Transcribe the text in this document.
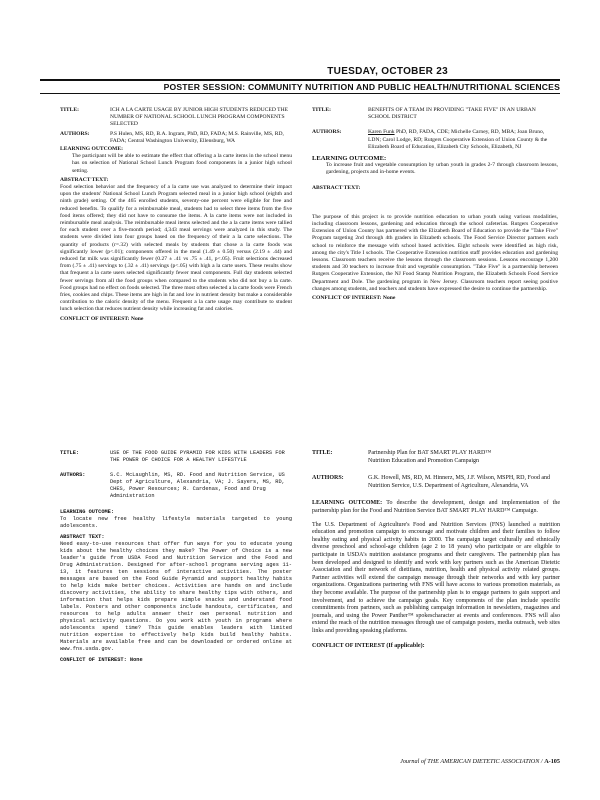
TUESDAY, OCTOBER 23
POSTER SESSION: COMMUNITY NUTRITION AND PUBLIC HEALTH/NUTRITIONAL SCIENCES
TITLE:	ICH A LA CARTE USAGE BY JUNIOR HIGH STUDENTS REDUCED THE NUMBER OF NATIONAL SCHOOL LUNCH PROGRAM COMPONENTS SELECTED
AUTHORS:	P.S Hulen, MS, RD, B.A. Ingram, PhD, RD, FADA; M.S. Rainville, MS, RD, FADA; Central Washington University, Ellensburg, WA
LEARNING OUTCOME:

The participant will be able to estimate the effect that offering a la carte items in the school menu has on selection of National School Lunch Program food components in a junior high school setting.

ABSTRACT TEXT:

Food selection behavior and the frequency of a la carte use was analyzed to determine their impact upon the students' National School Lunch Program selected meal in a junior high school (eighth and ninth grade) setting. Of the 465 enrolled students, seventy-one percent were eligible for free and reduced benefits. To qualify for a reimbursable meal, students had to select three items from the five food items offered; they did not have to consume the items. A la carte items were not included in reimbursable meal analysis. The reimbursable meal items selected and the a la carte items were tallied for each student over a five-month period; 4,343 meal servings were analyzed in this study. The students were divided into four groups based on the frequency of their a la carte selections. The quantity of products (r=.32) with selected meals by students that chose a la carte foods was significantly lower (p<.01); components offered in the meal (1.49 ± 0.50) versus (2.19 ± .44) and reduced fat milk was significantly fewer (0.27 ± .41 vs .75 ± .41, p<.05). Fruit selections decreased from (.75 ± .41) servings to (.32 ± .41) servings (p<.05) with high a la carte users. These results show that frequent a la carte users selected significantly fewer meal components. Full day students selected fewer servings from all the food groups when compared to the students who did not buy a la carte. Food groups had no effect on foods selected. The three most often selected a la carte foods were French fries, cookies and chips. These items are high in fat and low in nutrient density but make a considerable contribution to the caloric density of the menu. Frequent a la carte usage may contribute to student lunch selection that reduces nutrient density while increasing fat and calories.

CONFLICT OF INTEREST: None
TITLE:	BENEFITS OF A TEAM IN PROVIDING "TAKE FIVE" IN AN URBAN SCHOOL DISTRICT
AUTHORS:	Karen Funk PhD, RD, FADA, CDE; Michelle Carney, RD, MBA; Joan Bruno, LDN; Carol Lodge, RD; Rutgers Cooperative Extension of Union County & the Elizabeth Board of Education, Elizabeth City Schools, Elizabeth, NJ
LEARNING OUTCOME:

To increase fruit and vegetable consumption by urban youth in grades 2-7 through classroom lessons, gardening, projects and in-home events.

ABSTRACT TEXT:

The purpose of this project is to provide nutrition education to urban youth using various modalities, including classroom lessons, gardening and education through the school cafeterias. Rutgers Cooperative Extension of Union County has partnered with the Elizabeth Board of Education to provide the "Take Five" Program targeting 2nd through 4th graders in Elizabeth schools. The Food Service Director partners each school to reinforce the message with school based activities. Eight schools were identified as high risk, among the city's Title I schools. The Cooperative Extension nutrition staff provides education and gardening lessons. Classroom teachers receive the lessons through the classroom sessions. Lessons encourage 1,200 students and 30 teachers to increase fruit and vegetable consumption. "Take Five" is a partnership between Rutgers Cooperative Extension, the NJ Food Stamp Nutrition Program, the Elizabeth Schools Food Service Department and Dole. The gardening program in New Jersey. Classroom teachers report seeing positive changes among students, and teachers and students have expressed the desire to continue the partnership.

CONFLICT OF INTEREST: None
TITLE:	USE OF THE FOOD GUIDE PYRAMID FOR KIDS WITH LEADERS FOR THE POWER OF CHOICE FOR A HEALTHY LIFESTYLE
AUTHORS:	S.C. McLaughlin, MS, RD. Food and Nutrition Service, US Dept of Agriculture, Alexandria, VA; J. Sayers, MS, RD, CHES, Power Resources; R. Cardenas, Food and Drug Administration
LEARNING OUTCOME:

To locate new free healthy lifestyle materials targeted to young adolescents.

ABSTRACT TEXT:

Need easy-to-use resources that offer fun ways for you to educate young kids about the healthy choices they make? The Power of Choice is a new leader's guide from USDA Food and Nutrition Service and the Food and Drug Administration. Designed for after-school programs serving ages 11-13, it features ten sessions of interactive activities. The poster messages are based on the Food Guide Pyramid and support healthy habits to help kids make better choices. Activities are hands on and include discovery activities, the ability to share healthy tips with others, and information that helps kids prepare simple snacks and understand food labels. Posters and other components include handouts, certificates, and resources to help adults answer their own personal nutrition and physical activity questions. Do you work with youth in programs where adolescents spend time? This guide enables leaders with limited nutrition expertise to effectively help kids build healthy habits. Materials are available free and can be downloaded or ordered online at www.fns.usda.gov.

CONFLICT OF INTEREST: None
TITLE:	Partnership Plan for BAT SMART PLAY HARD™
Nutrition Education and Promotion Campaign
AUTHORS:	G.K. Howell, MS, RD, M. Hinnerz, MS, J.F. Wilson, MSPH, RD, Food and Nutrition Service, U.S. Department of Agriculture, Alexandria, VA

LEARNING OUTCOME: To describe the development, design and implementation of the partnership plan for the Food and Nutrition Service BAT SMART PLAY HARD™ Campaign.

The U.S. Department of Agriculture's Food and Nutrition Services (FNS) launched a nutrition education and promotion campaign to encourage and motivate children and their families to follow healthy eating and physical activity habits in 2000. The campaign target culturally and ethnically diverse preschool and school-age children (age 2 to 18 years) who participate or are eligible to participate in USDA's nutrition assistance programs and their caregivers. The partnership plan has been developed and designed to identify and work with key partners such as the American Dietetic Association and their network of dietitians, nutrition, health and physical activity related groups. Partner activities will extend the campaign message through their networks and with key partner organizations. Organizations partnering with FNS will have access to various promotion materials, as they become available. The purpose of the partnership plan is to engage partners to gain support and involvement, and to achieve the campaign goals. Key components of the plan include specific commitments from partners, such as publishing campaign information in newsletters, magazines and journals, and using the Power Panther™ spokescharacter at events and conferences. FNS will also extend the reach of the nutrition messages through use of campaign posters, media outreach, web sites links and providing speaking platforms.

CONFLICT OF INTEREST (If applicable):
Journal of THE AMERICAN DIETETIC ASSOCIATION / A-105
